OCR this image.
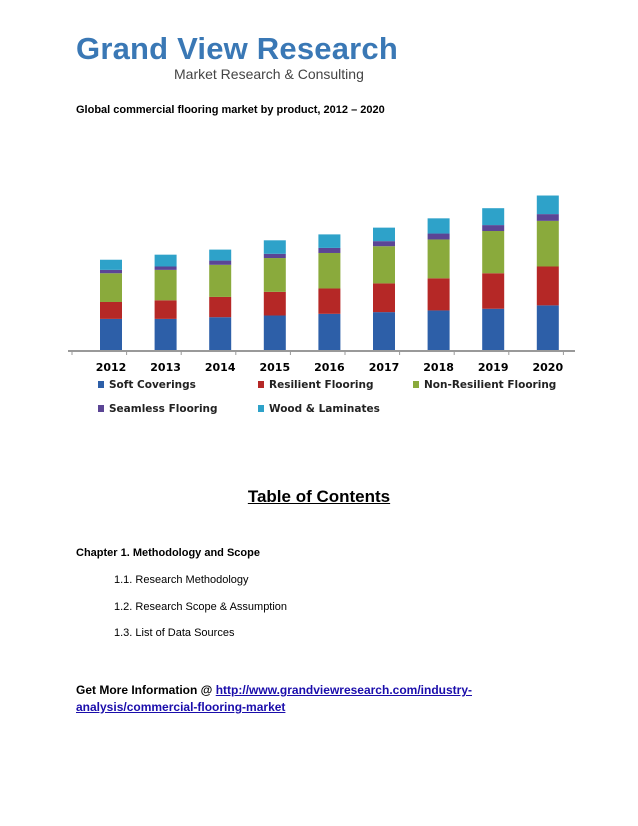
Grand View Research
Market Research & Consulting
Global commercial flooring market by product, 2012 – 2020
2012 2013 2014 2015 2016 2017 2018 2019 2020
Soft Coverings	Resilient Flooring	Non-Resilient Flooring
Seamless Flooring	Wood & Laminates
Table of Contents
Chapter 1. Methodology and Scope
1.1. Research Methodology
1.2. Research Scope & Assumption
1.3. List of Data Sources
Get More Information @ http://www.grandviewresearch.com/industry-analysis/commercial-flooring-market
